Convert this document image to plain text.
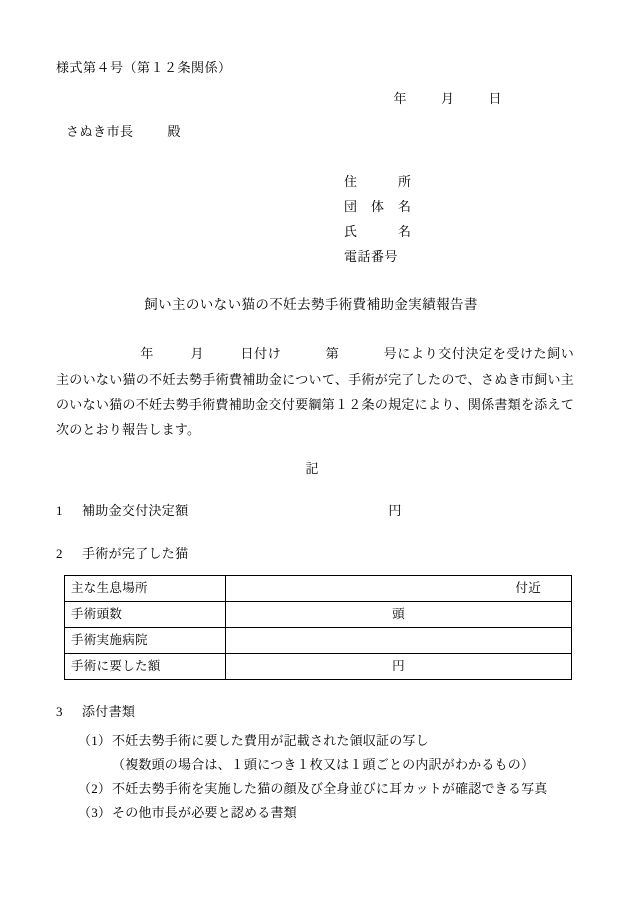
様式第４号（第１２条関係）
年	月	日
さぬき市長	殿
住　　　所
団　体　名
氏　　　名
電話番号
飼い主のいない猫の不妊去勢手術費補助金実績報告書
年	月	日付け	第	号により交付決定を受けた飼い主のいない猫の不妊去勢手術費補助金について、手術が完了したので、さぬき市飼い主のいない猫の不妊去勢手術費補助金交付要綱第１２条の規定により、関係書類を添えて次のとおり報告します。
記
1 補助金交付決定額	円
2 手術が完了した猫
主な生息場所	付近
手術頭数	頭
手術実施病院	
手術に要した額	円
3 添付書類
（1）不妊去勢手術に要した費用が記載された領収証の写し
（複数頭の場合は、１頭につき１枚又は１頭ごとの内訳がわかるもの）
（2）不妊去勢手術を実施した猫の顔及び全身並びに耳カットが確認できる写真
（3）その他市長が必要と認める書類
